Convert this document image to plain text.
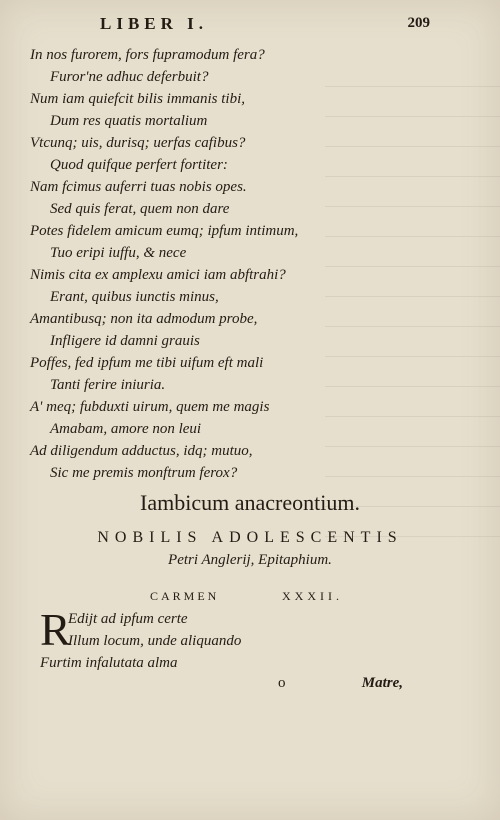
LIBER I.	209
In nos furorem, fors fupramodum fera?
Furor'ne adhuc deferbuit?
Num iam quiefcit bilis immanis tibi,
Dum res quatis mortalium
Vtcunq; uis, durisq; uerfas cafibus?
Quod quifque perfert fortiter:
Nam fcimus auferri tuas nobis opes.
Sed quis ferat, quem non dare
Potes fidelem amicum eumq; ipfum intimum,
Tuo eripi iuffu, & nece
Nimis cita ex amplexu amici iam abftrahi?
Erant, quibus iunctis minus,
Amantibusq; non ita admodum probe,
Infligere id damni grauis
Poffes, fed ipfum me tibi uifum eft mali
Tanti ferire iniuria.
A' meq; fubduxti uirum, quem me magis
Amabam, amore non leui
Ad diligendum adductus, idq; mutuo,
Sic me premis monftrum ferox?
Iambicum anacreontium.
NOBILIS ADOLESCENTIS
Petri Anglerij, Epitaphium.
CARMEN	XXXII.
R
Edijt ad ipfum certe
Illum locum, unde aliquando
Furtim infalutata alma
o	Matre,
